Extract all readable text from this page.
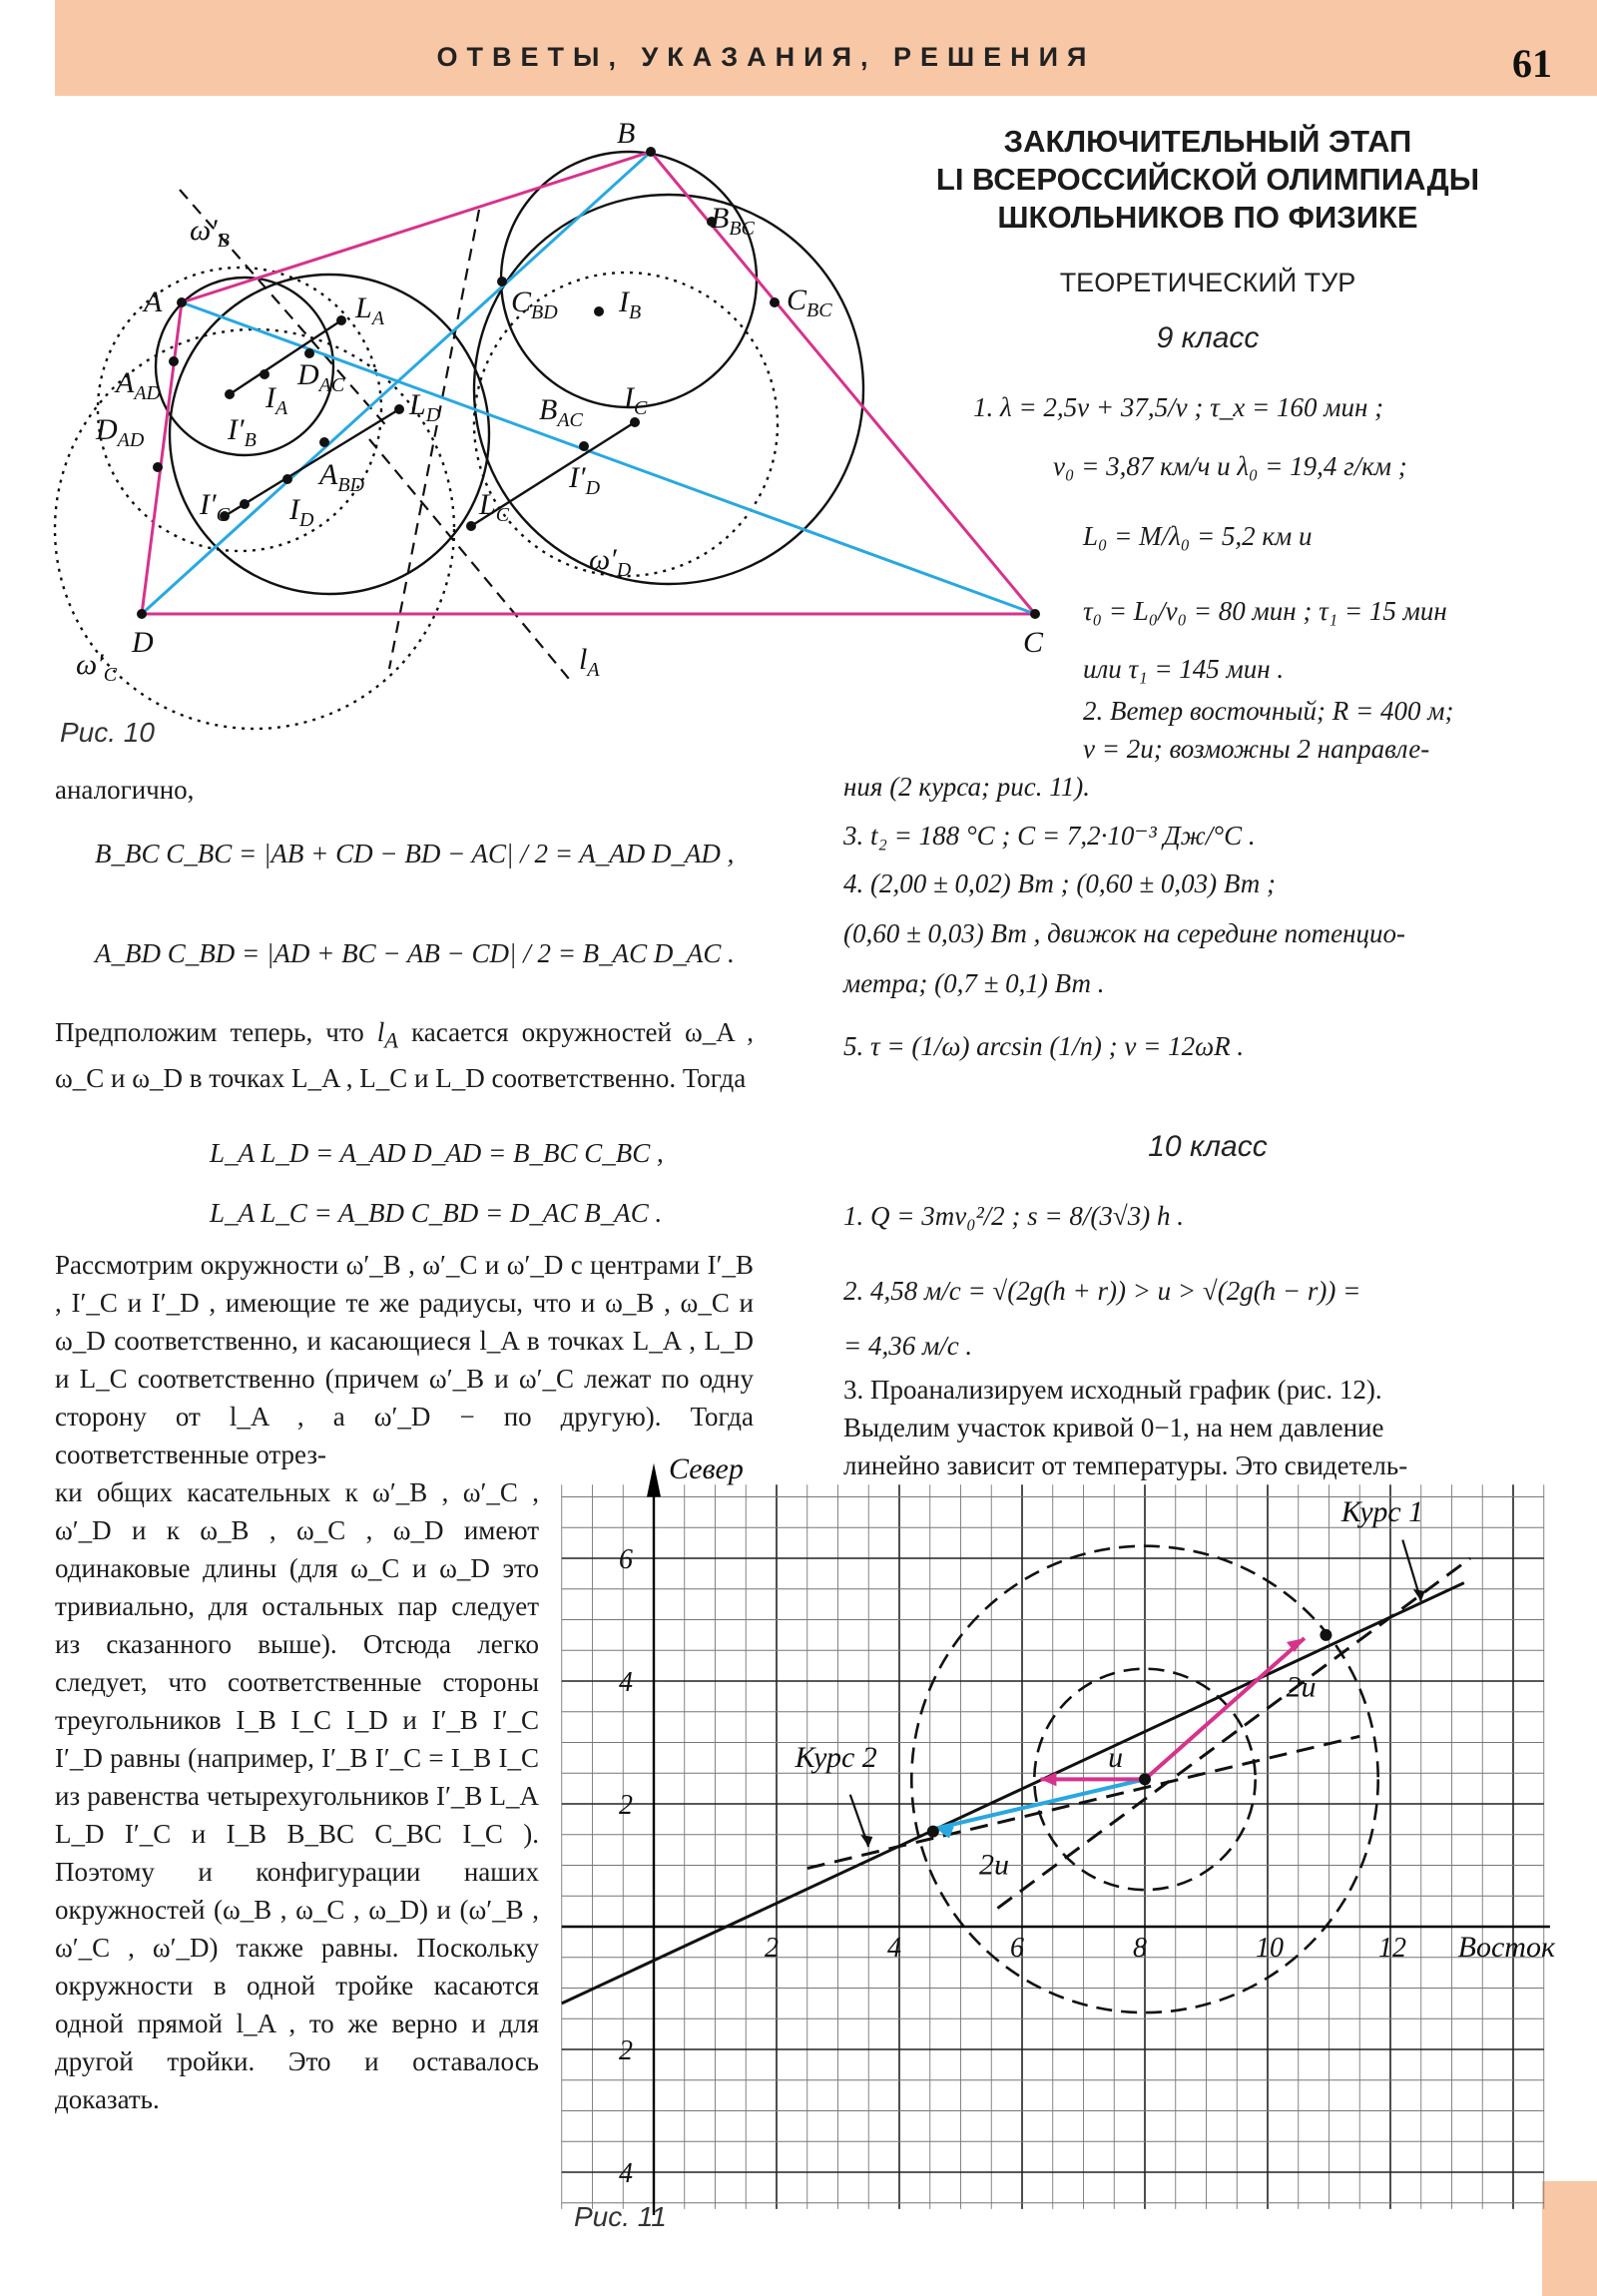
ОТВЕТЫ, УКАЗАНИЯ, РЕШЕНИЯ	61
B
C
D
A	$L_A$
$L_C$
$L_D$
$I_A$
$I_B$
$I_C$
$I'_B$
$I'_C$
$I'_D$
$B_{BC}$
$C_{BC}$
$C_{BD}$
$B_{AC}$
$D_{AC}$
$A_{AD}$
$D_{AD}$
$A_{BD}$
$I_D$
$\omega'_B$
$\omega'_C$
$\omega'_D$
$l_A$
Рис. 10
ЗАКЛЮЧИТЕЛЬНЫЙ ЭТАП
LI ВСЕРОССИЙСКОЙ ОЛИМПИАДЫ
ШКОЛЬНИКОВ ПО ФИЗИКЕ
ТЕОРЕТИЧЕСКИЙ ТУР
9 класс
1. λ = 2,5v + 37,5/v ; τ_x = 160 мин ;
v₀ = 3,87 км/ч и λ₀ = 19,4 г/км ;
L₀ = M/λ₀ = 5,2 км и
τ₀ = L₀/v₀ = 80 мин ; τ₁ = 15 мин
или τ₁ = 145 мин .
2. Ветер восточный; R = 400 м;
v = 2u; возможны 2 направле-
ния (2 курса; рис. 11).
3. t₂ = 188 °C ; C = 7,2·10⁻³ Дж/°C .
4. (2,00 ± 0,02) Вт ; (0,60 ± 0,03) Вт ;
(0,60 ± 0,03) Вт , движок на середине потенцио-
метра; (0,7 ± 0,1) Вт .
5. τ = (1/ω) arcsin (1/n) ; v = 12ωR .
10 класс
1. Q = 3mv₀²/2 ; s = 8/(3√3) h .
2. 4,58 м/с = √(2g(h + r)) > u > √(2g(h − r)) =
= 4,36 м/с .
3. Проанализируем исходный график (рис. 12).
Выделим участок кривой 0−1, на нем давление
линейно зависит от температуры. Это свидетель-
аналогично,
B_BC C_BC = |AB + CD − BD − AC| / 2 = A_AD D_AD ,
A_BD C_BD = |AD + BC − AB − CD| / 2 = B_AC D_AC .
Предположим теперь, что $l_A$ касается окружностей ω_A , ω_C и ω_D в точках L_A , L_C и L_D соответственно. Тогда
L_A L_D = A_AD D_AD = B_BC C_BC ,
L_A L_C = A_BD C_BD = D_AC B_AC .
Рассмотрим окружности ω′_B , ω′_C и ω′_D с центрами I′_B , I′_C и I′_D , имеющие те же радиусы, что и ω_B , ω_C и ω_D соответственно, и касающиеся l_A в точках L_A , L_D и L_C соответственно (причем ω′_B и ω′_C лежат по одну сторону от l_A , а ω′_D − по другую). Тогда соответственные отрез-
ки общих касательных к ω′_B , ω′_C , ω′_D и к ω_B , ω_C , ω_D имеют одинаковые длины (для ω_C и ω_D это тривиально, для остальных пар следует из сказанного выше). Отсюда легко следует, что соответственные стороны треугольников I_B I_C I_D и I′_B I′_C I′_D равны (например, I′_B I′_C = I_B I_C из равенства четырехугольников I′_B L_A L_D I′_C и I_B B_BC C_BC I_C ). Поэтому и конфигурации наших окружностей (ω_B , ω_C , ω_D) и (ω′_B , ω′_C , ω′_D) также равны. Поскольку окружности в одной тройке касаются одной прямой l_A , то же верно и для другой тройки. Это и оставалось доказать.
2	4	6	8	10	12
6
4
2
2
4
Север
Восток
u
2u
2u
Курс 1
Курс 2
Рис. 11
